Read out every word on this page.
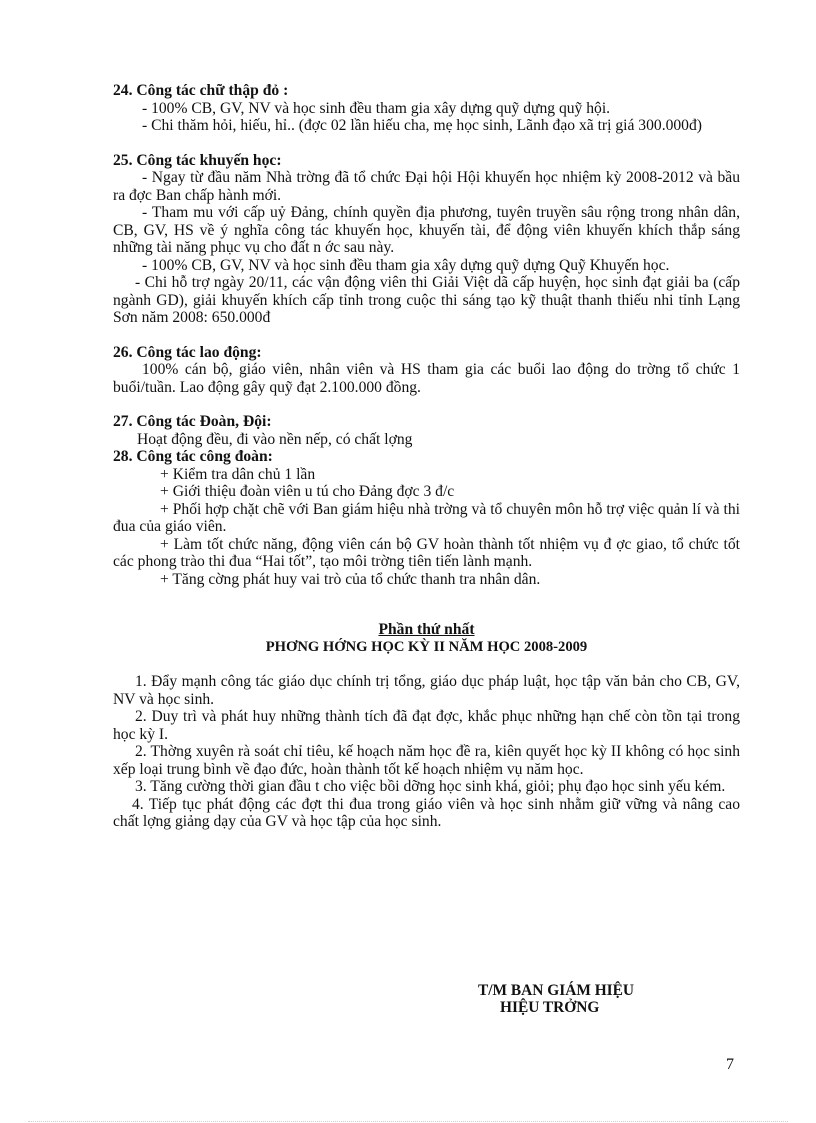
24. Công tác chữ thập đỏ :
- 100% CB, GV, NV và học sinh đều tham gia xây dựng quỹ dựng quỹ hội.
- Chi thăm hỏi, hiếu, hỉ.. (đợc 02 lần hiếu cha, mẹ học sinh, Lãnh đạo xã trị giá 300.000đ)
25. Công tác khuyến học:
- Ngay từ đầu năm Nhà trờng đã tổ chức Đại hội Hội khuyến học nhiệm kỳ 2008-2012 và bầu ra đợc Ban chấp hành mới.
- Tham mu với cấp uỷ Đảng, chính quyền địa phương, tuyên truyền sâu rộng trong nhân dân, CB, GV, HS về ý nghĩa công tác khuyến học, khuyến tài, để động viên khuyến khích thắp sáng những tài năng phục vụ cho đất n ớc sau này.
- 100% CB, GV, NV và học sinh đều tham gia xây dựng quỹ dựng Quỹ Khuyến học.
- Chi hỗ trợ ngày 20/11, các vận động viên thi Giải Việt dã cấp huyện, học sinh đạt giải ba (cấp ngành GD), giải khuyến khích cấp tỉnh trong cuộc thi sáng tạo kỹ thuật thanh thiếu nhi tỉnh Lạng Sơn năm 2008: 650.000đ
26. Công tác lao động:
100% cán bộ, giáo viên, nhân viên và HS tham gia các buổi lao động do trờng tổ chức 1 buổi/tuần. Lao động gây quỹ đạt 2.100.000 đồng.
27. Công tác Đoàn, Đội:
Hoạt động đều, đi vào nền nếp, có chất lợng
28. Công tác công đoàn:
+ Kiểm tra dân chủ 1 lần
+ Giới thiệu đoàn viên u tú cho Đảng đợc 3 đ/c
+ Phối hợp chặt chẽ với Ban giám hiệu nhà trờng và tổ chuyên môn hỗ trợ việc quản lí và thi đua của giáo viên.
+ Làm tốt chức năng, động viên cán bộ GV hoàn thành tốt nhiệm vụ đ ợc giao, tổ chức tốt các phong trào thi đua “Hai tốt”, tạo môi trờng tiên tiến lành mạnh.
+ Tăng cờng phát huy vai trò của tổ chức thanh tra nhân dân.
Phần thứ nhất
PHƠNG HỚNG HỌC KỲ II NĂM HỌC 2008-2009
1. Đẩy mạnh công tác giáo dục chính trị tổng, giáo dục pháp luật, học tập văn bản cho CB, GV, NV và học sinh.
2. Duy trì và phát huy những thành tích đã đạt đợc, khắc phục những hạn chế còn tồn tại trong học kỳ I.
2. Thờng xuyên rà soát chỉ tiêu, kế hoạch năm học đề ra, kiên quyết học kỳ II không có học sinh xếp loại trung bình về đạo đức, hoàn thành tốt kế hoạch nhiệm vụ năm học.
3. Tăng cường thời gian đầu t cho việc bồi dỡng học sinh khá, giỏi; phụ đạo học sinh yếu kém.
4. Tiếp tục phát động các đợt thi đua trong giáo viên và học sinh nhằm giữ vững và nâng cao chất lợng giảng dạy của GV và học tập của học sinh.
T/M BAN GIÁM HIỆU
HIỆU TRỞNG
7
